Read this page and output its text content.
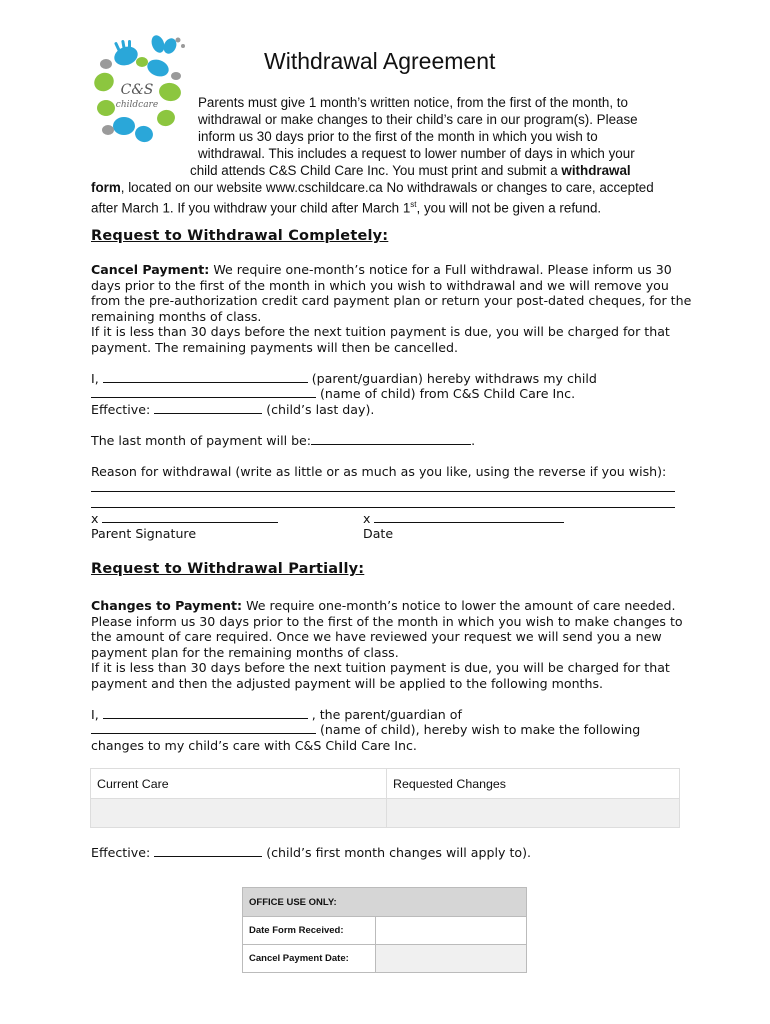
C&S
childcare
Withdrawal Agreement
Parents must give 1 month’s written notice, from the first of the month, to
withdrawal or make changes to their child’s care in our program(s). Please
inform us 30 days prior to the first of the month in which you wish to
withdrawal. This includes a request to lower number of days in which your
child attends C&S Child Care Inc. You must print and submit a withdrawal
form, located on our website www.cschildcare.ca No withdrawals or changes to care, accepted
after March 1. If you withdraw your child after March 1st, you will not be given a refund.
Request to Withdrawal Completely:
Cancel Payment: We require one-month’s notice for a Full withdrawal. Please inform us 30
days prior to the first of the month in which you wish to withdrawal and we will remove you
from the pre-authorization credit card payment plan or return your post-dated cheques, for the
remaining months of class.
If it is less than 30 days before the next tuition payment is due, you will be charged for that
payment. The remaining payments will then be cancelled.
I,	(parent/guardian) hereby withdraws my child
(name of child) from C&S Child Care Inc.
Effective:	(child’s last day).
The last month of payment will be:	.
Reason for withdrawal (write as little or as much as you like, using the reverse if you wish):
x	x
Parent Signature	Date
Request to Withdrawal Partially:
Changes to Payment: We require one-month’s notice to lower the amount of care needed.
Please inform us 30 days prior to the first of the month in which you wish to make changes to
the amount of care required. Once we have reviewed your request we will send you a new
payment plan for the remaining months of class.
If it is less than 30 days before the next tuition payment is due, you will be charged for that
payment and then the adjusted payment will be applied to the following months.
I,	, the parent/guardian of
(name of child), hereby wish to make the following
changes to my child’s care with C&S Child Care Inc.
Current Care	Requested Changes

Effective:	(child’s first month changes will apply to).
OFFICE USE ONLY:	
Date Form Received:	
Cancel Payment Date:	
